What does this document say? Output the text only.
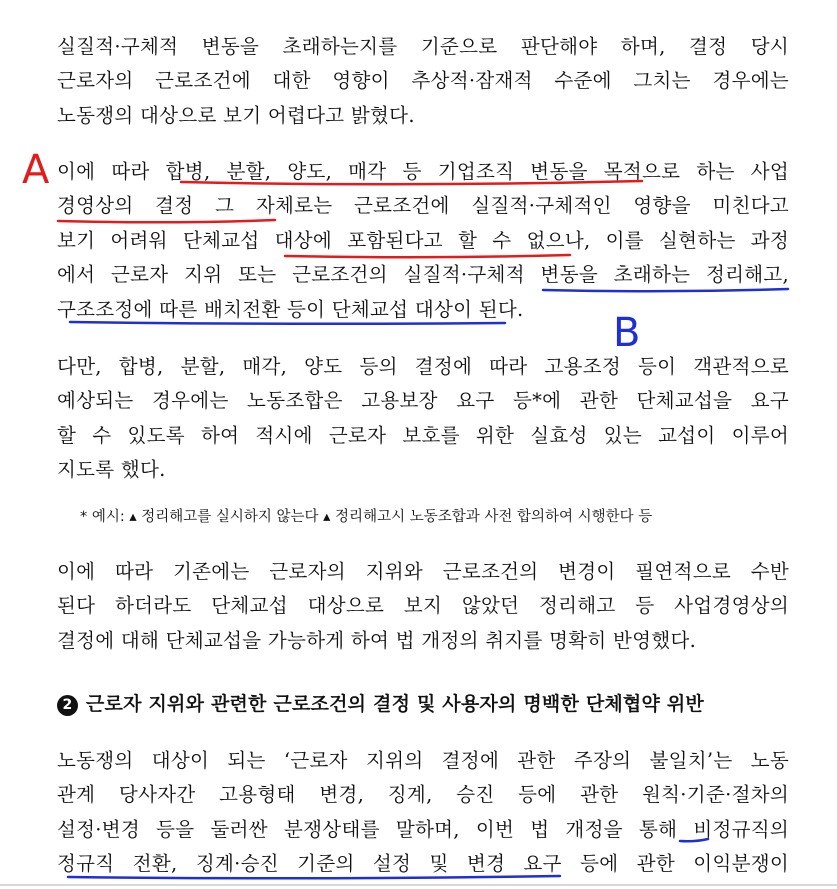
실질적·구체적 변동을 초래하는지를 기준으로 판단해야 하며, 결정 당시
근로자의 근로조건에 대한 영향이 추상적·잠재적 수준에 그치는 경우에는
노동쟁의 대상으로 보기 어렵다고 밝혔다.
이에 따라 합병, 분할, 양도, 매각 등 기업조직 변동을 목적으로 하는 사업
경영상의 결정 그 자체로는 근로조건에 실질적·구체적인 영향을 미친다고
보기 어려워 단체교섭 대상에 포함된다고 할 수 없으나, 이를 실현하는 과정
에서 근로자 지위 또는 근로조건의 실질적·구체적 변동을 초래하는 정리해고,
구조조정에 따른 배치전환 등이 단체교섭 대상이 된다.
다만, 합병, 분할, 매각, 양도 등의 결정에 따라 고용조정 등이 객관적으로
예상되는 경우에는 노동조합은 고용보장 요구 등*에 관한 단체교섭을 요구
할 수 있도록 하여 적시에 근로자 보호를 위한 실효성 있는 교섭이 이루어
지도록 했다.
* 예시: ▴ 정리해고를 실시하지 않는다 ▴ 정리해고시 노동조합과 사전 합의하여 시행한다 등
이에 따라 기존에는 근로자의 지위와 근로조건의 변경이 필연적으로 수반
된다 하더라도 단체교섭 대상으로 보지 않았던 정리해고 등 사업경영상의
결정에 대해 단체교섭을 가능하게 하여 법 개정의 취지를 명확히 반영했다.
2 근로자 지위와 관련한 근로조건의 결정 및 사용자의 명백한 단체협약 위반
노동쟁의 대상이 되는 ‘근로자 지위의 결정에 관한 주장의 불일치’는 노동
관계 당사자간 고용형태 변경, 징계, 승진 등에 관한 원칙·기준·절차의
설정·변경 등을 둘러싼 분쟁상태를 말하며, 이번 법 개정을 통해 비정규직의
정규직 전환, 징계·승진 기준의 설정 및 변경 요구 등에 관한 이익분쟁이
A
B
